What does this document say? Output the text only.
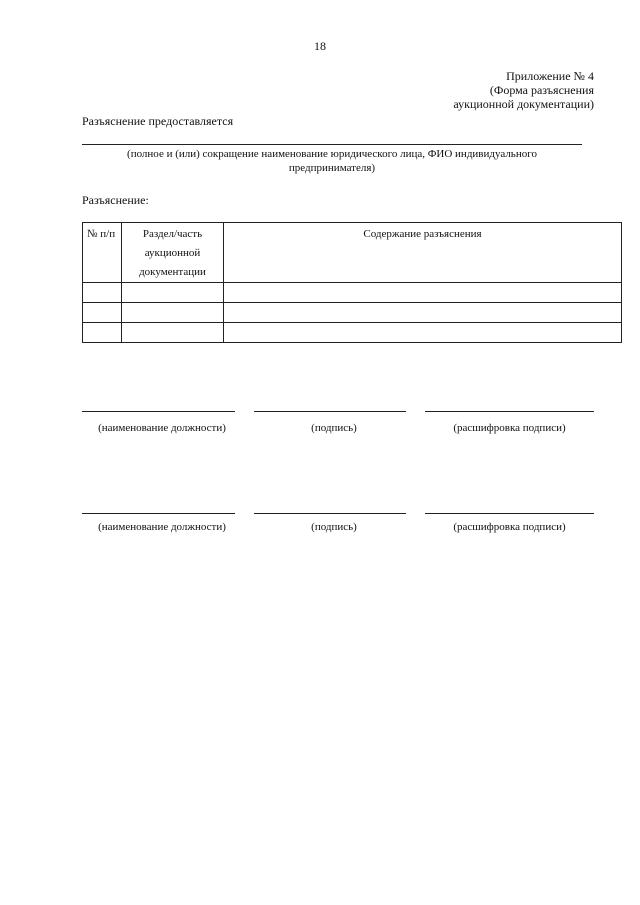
18
Приложение № 4
(Форма разъяснения
аукционной документации)
Разъяснение предоставляется
(полное и (или) сокращение наименование юридического лица, ФИО индивидуального
предпринимателя)
Разъяснение:
№ п/п	Раздел/часть аукционной документации	Содержание разъяснения

(наименование должности)	(подпись)	(расшифровка подписи)
(наименование должности)	(подпись)	(расшифровка подписи)
